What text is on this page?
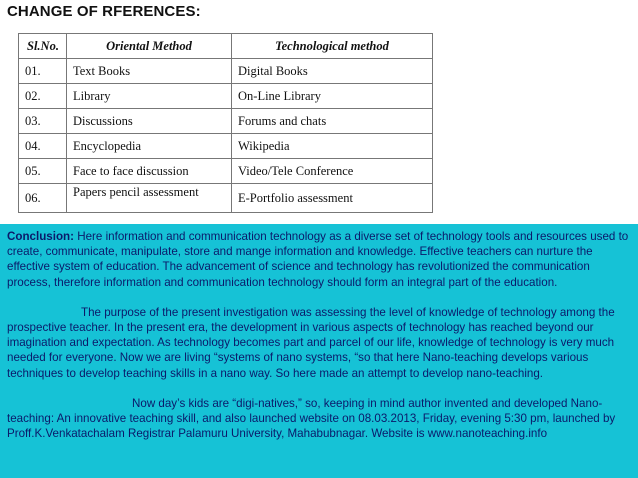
CHANGE OF RFERENCES:
Sl.No.	Oriental Method	Technological method
01.	Text Books	Digital Books
02.	Library	On-Line Library
03.	Discussions	Forums and chats
04.	Encyclopedia	Wikipedia
05.	Face to face discussion	Video/Tele Conference
06.	Papers pencil assessment	E-Portfolio assessment

Conclusion: Here information and communication technology as a diverse set of technology tools and resources used to create, communicate, manipulate, store and mange information and knowledge. Effective teachers can nurture the effective system of education. The advancement of science and technology has revolutionized the communication process, therefore information and communication technology should form an integral part of the education.

The purpose of the present investigation was assessing the level of knowledge of technology among the prospective teacher. In the present era, the development in various aspects of technology has reached beyond our imagination and expectation. As technology becomes part and parcel of our life, knowledge of technology is very much needed for everyone. Now we are living “systems of nano systems, “so that here Nano-teaching develops various techniques to develop teaching skills in a nano way. So here made an attempt to develop nano-teaching.

Now day’s kids are “digi-natives,” so, keeping in mind author invented and developed Nano-teaching: An innovative teaching skill, and also launched website on 08.03.2013, Friday, evening 5:30 pm, launched by Proff.K.Venkatachalam Registrar Palamuru University, Mahabubnagar. Website is www.nanoteaching.info
